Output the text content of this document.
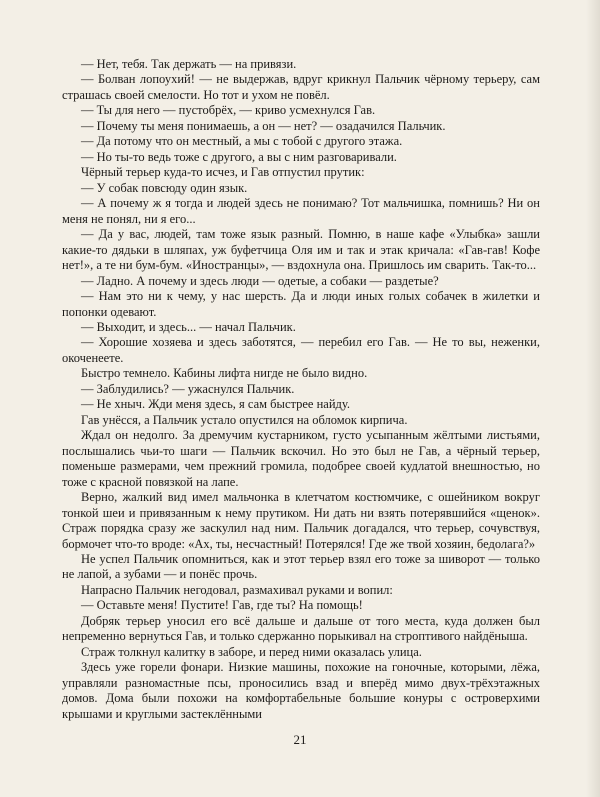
— Нет, тебя. Так держать — на привязи.

— Болван лопоухий! — не выдержав, вдруг крикнул Пальчик чёрному терьеру, сам страшась своей смелости. Но тот и ухом не повёл.

— Ты для него — пустобрёх, — криво усмехнулся Гав.

— Почему ты меня понимаешь, а он — нет? — озадачился Пальчик.

— Да потому что он местный, а мы с тобой с другого этажа.

— Но ты-то ведь тоже с другого, а вы с ним разговаривали.

Чёрный терьер куда-то исчез, и Гав отпустил прутик:

— У собак повсюду один язык.

— А почему ж я тогда и людей здесь не понимаю? Тот мальчишка, помнишь? Ни он меня не понял, ни я его...

— Да у вас, людей, там тоже язык разный. Помню, в наше кафе «Улыбка» зашли какие-то дядьки в шляпах, уж буфетчица Оля им и так и этак кричала: «Гав-гав! Кофе нет!», а те ни бум-бум. «Иностранцы», — вздохнула она. Пришлось им сварить. Так-то...

— Ладно. А почему и здесь люди — одетые, а собаки — раздетые?

— Нам это ни к чему, у нас шерсть. Да и люди иных голых собачек в жилетки и попонки одевают.

— Выходит, и здесь... — начал Пальчик.

— Хорошие хозяева и здесь заботятся, — перебил его Гав. — Не то вы, неженки, окоченеете.

Быстро темнело. Кабины лифта нигде не было видно.

— Заблудились? — ужаснулся Пальчик.

— Не хныч. Жди меня здесь, я сам быстрее найду.

Гав унёсся, а Пальчик устало опустился на обломок кирпича.

Ждал он недолго. За дремучим кустарником, густо усыпанным жёлтыми листьями, послышались чьи-то шаги — Пальчик вскочил. Но это был не Гав, а чёрный терьер, поменьше размерами, чем прежний громила, подобрее своей кудлатой внешностью, но тоже с красной повязкой на лапе.

Верно, жалкий вид имел мальчонка в клетчатом костюмчике, с ошейником вокруг тонкой шеи и привязанным к нему прутиком. Ни дать ни взять потерявшийся «щенок». Страж порядка сразу же заскулил над ним. Пальчик догадался, что терьер, сочувствуя, бормочет что-то вроде: «Ах, ты, несчастный! Потерялся! Где же твой хозяин, бедолага?»

Не успел Пальчик опомниться, как и этот терьер взял его тоже за шиворот — только не лапой, а зубами — и понёс прочь.

Напрасно Пальчик негодовал, размахивал руками и вопил:

— Оставьте меня! Пустите! Гав, где ты? На помощь!

Добряк терьер уносил его всё дальше и дальше от того места, куда должен был непременно вернуться Гав, и только сдержанно порыкивал на строптивого найдёныша.

Страж толкнул калитку в заборе, и перед ними оказалась улица.

Здесь уже горели фонари. Низкие машины, похожие на гоночные, которыми, лёжа, управляли разномастные псы, проносились взад и вперёд мимо двух-трёхэтажных домов. Дома были похожи на комфортабельные большие конуры с островерхими крышами и круглыми застеклёнными

21
